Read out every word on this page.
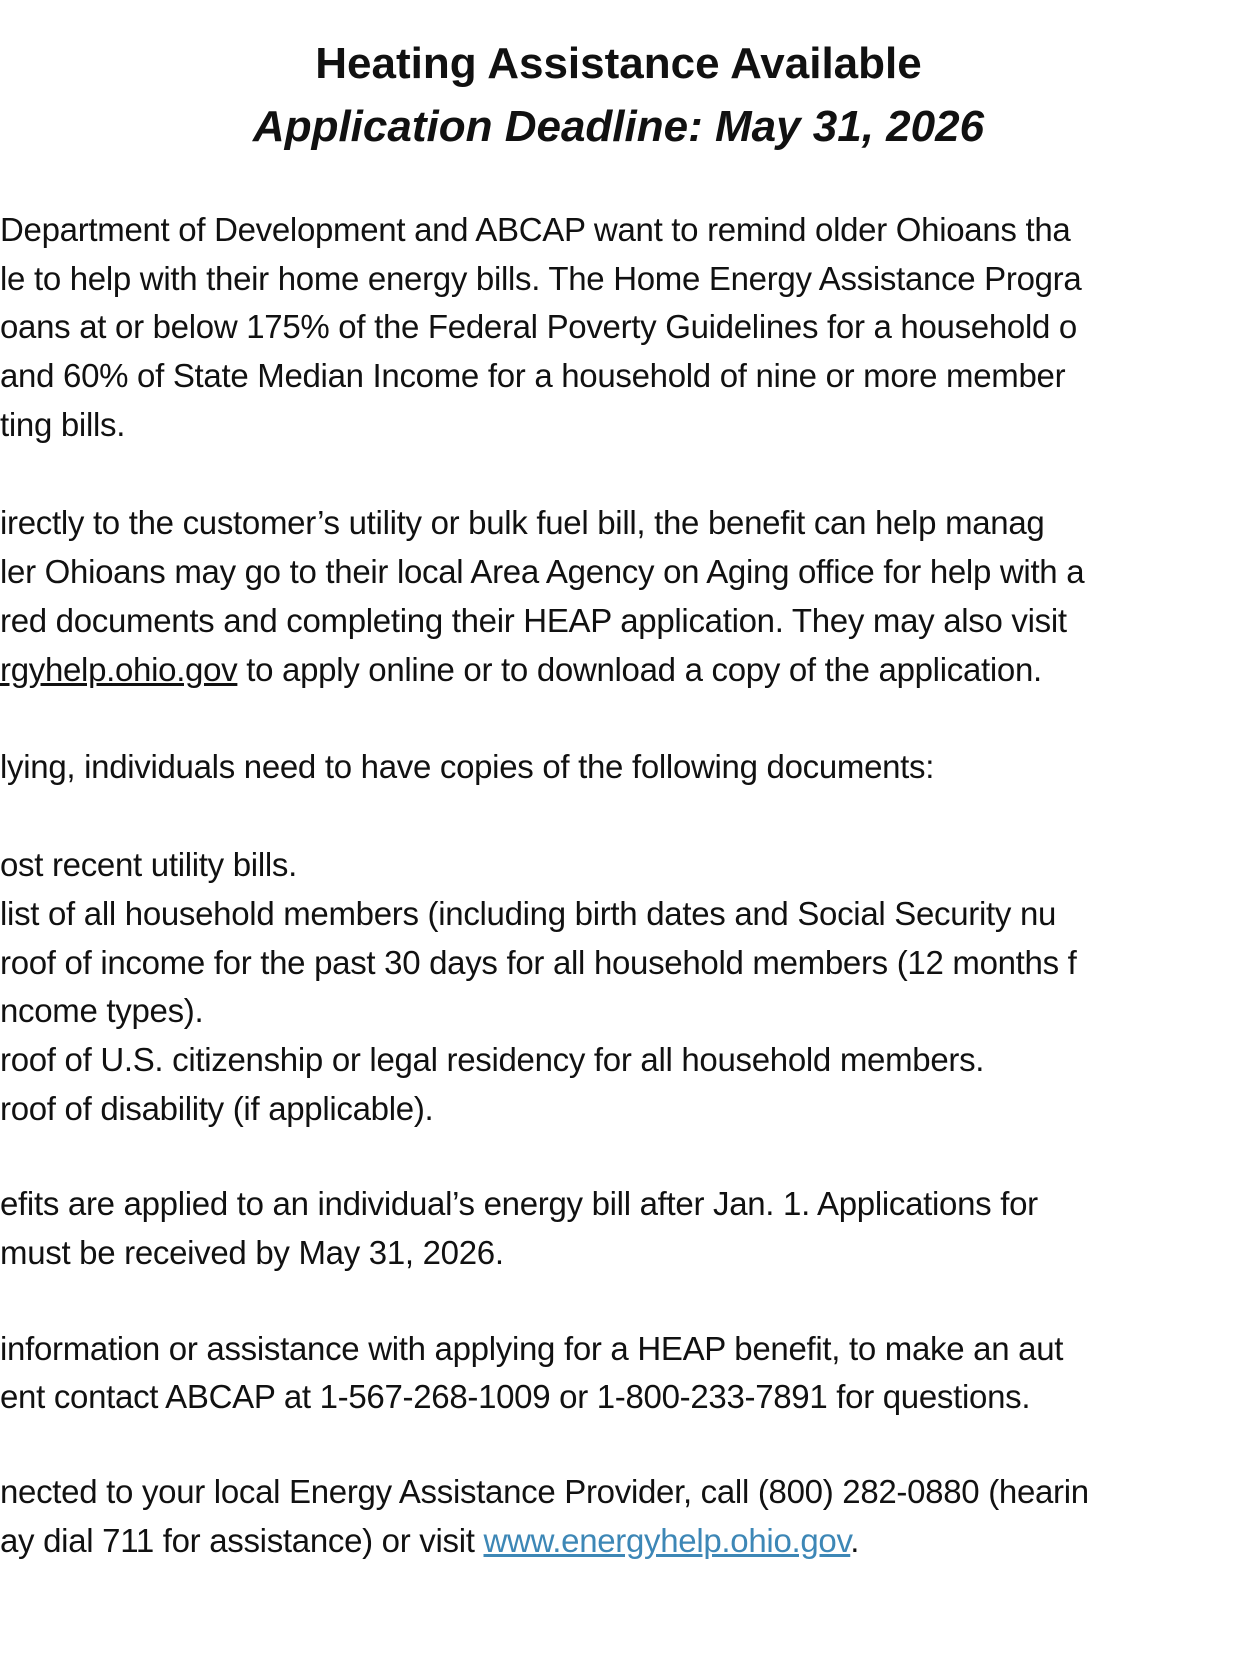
Heating Assistance Available
Application Deadline: May 31, 2026
Department of Development and ABCAP want to remind older Ohioans tha
le to help with their home energy bills. The Home Energy Assistance Progra
oans at or below 175% of the Federal Poverty Guidelines for a household o
and 60% of State Median Income for a household of nine or more member
ting bills.
irectly to the customer’s utility or bulk fuel bill, the benefit can help manag
ler Ohioans may go to their local Area Agency on Aging office for help with a
red documents and completing their HEAP application. They may also visit
rgyhelp.ohio.gov to apply online or to download a copy of the application.
lying, individuals need to have copies of the following documents:
ost recent utility bills.
list of all household members (including birth dates and Social Security nu
roof of income for the past 30 days for all household members (12 months f
ncome types).
roof of U.S. citizenship or legal residency for all household members.
roof of disability (if applicable).
efits are applied to an individual’s energy bill after Jan. 1. Applications for
must be received by May 31, 2026.
information or assistance with applying for a HEAP benefit, to make an aut
ent contact ABCAP at 1-567-268-1009 or 1-800-233-7891 for questions.
nected to your local Energy Assistance Provider, call (800) 282-0880 (hearin
ay dial 711 for assistance) or visit www.energyhelp.ohio.gov.
